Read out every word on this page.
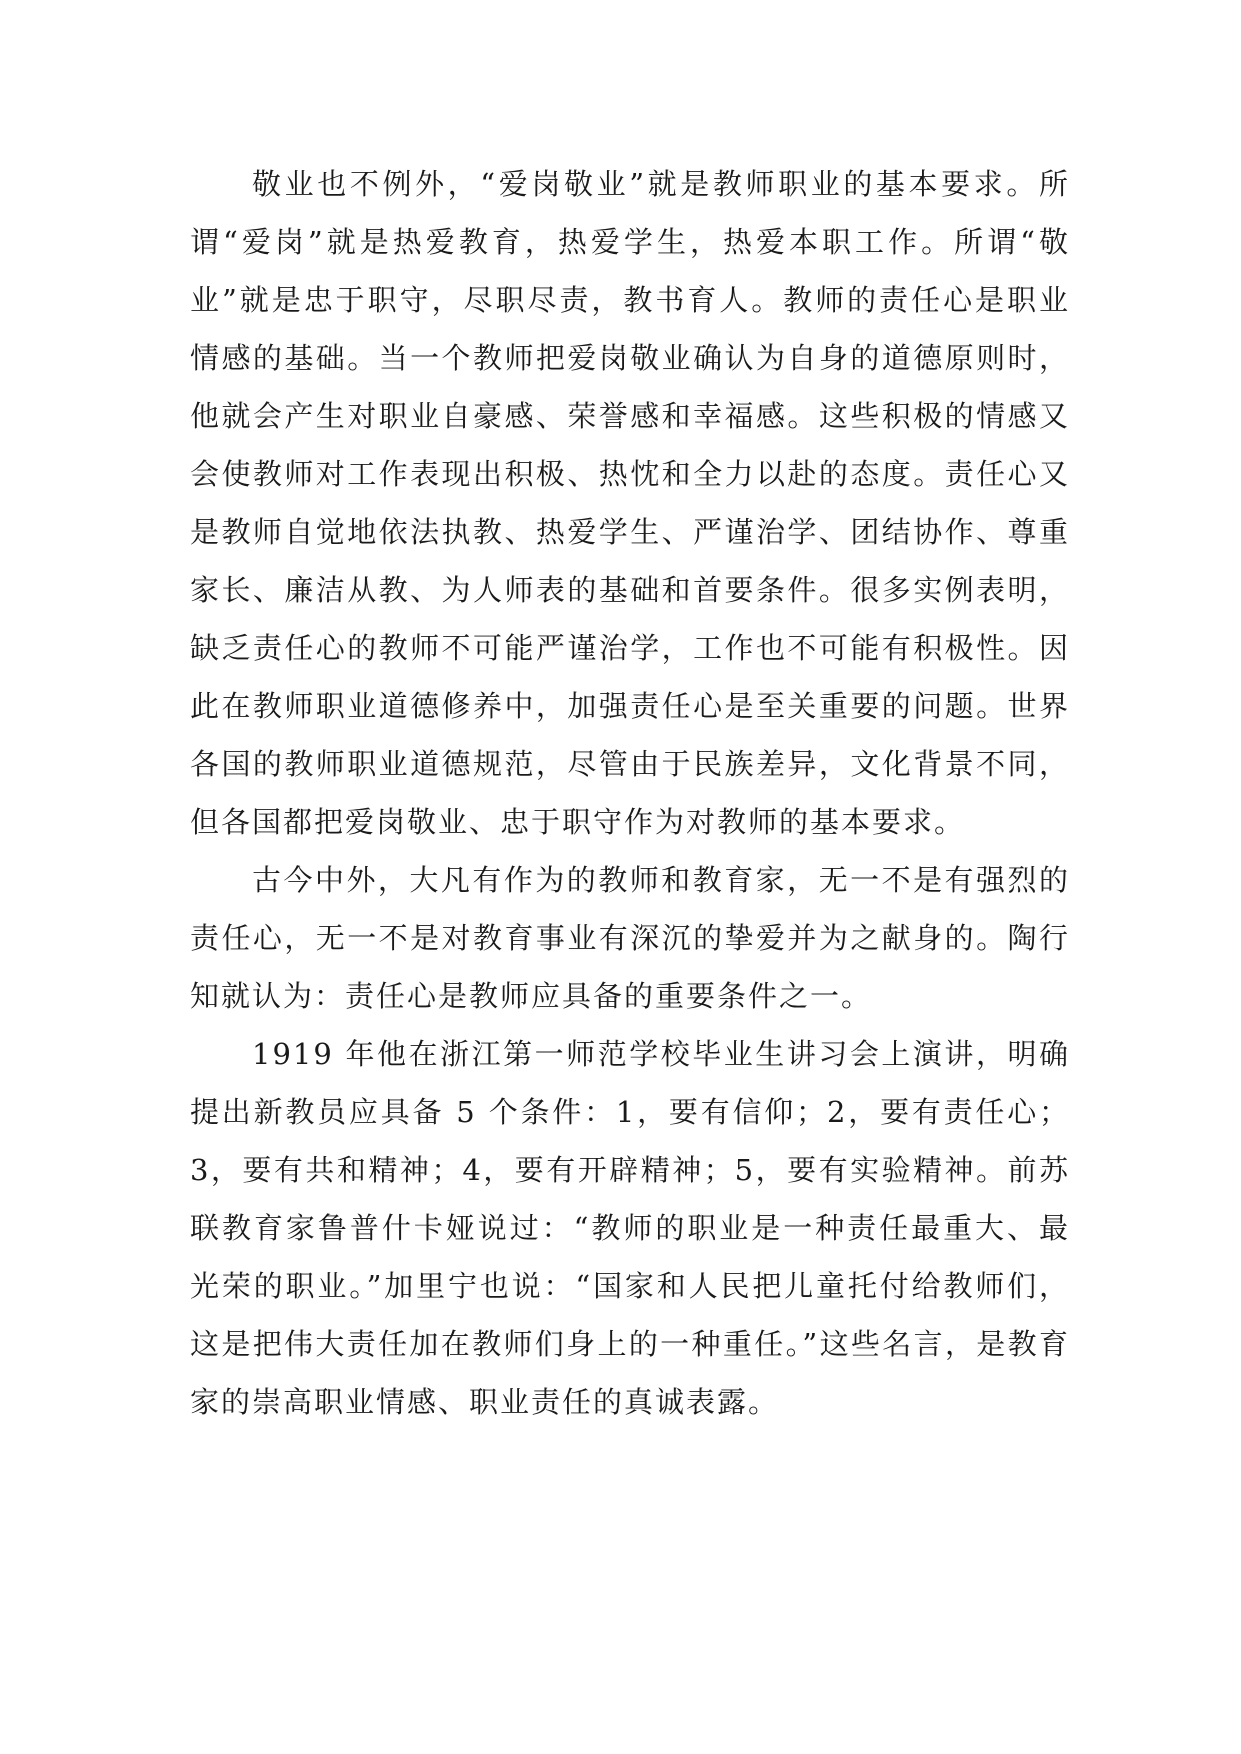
敬业也不例外，“爱岗敬业”就是教师职业的基本要求。所谓“爱岗”就是热爱教育，热爱学生，热爱本职工作。所谓“敬业”就是忠于职守，尽职尽责，教书育人。教师的责任心是职业情感的基础。当一个教师把爱岗敬业确认为自身的道德原则时，他就会产生对职业自豪感、荣誉感和幸福感。这些积极的情感又会使教师对工作表现出积极、热忱和全力以赴的态度。责任心又是教师自觉地依法执教、热爱学生、严谨治学、团结协作、尊重家长、廉洁从教、为人师表的基础和首要条件。很多实例表明，缺乏责任心的教师不可能严谨治学，工作也不可能有积极性。因此在教师职业道德修养中，加强责任心是至关重要的问题。世界各国的教师职业道德规范，尽管由于民族差异，文化背景不同，但各国都把爱岗敬业、忠于职守作为对教师的基本要求。

古今中外，大凡有作为的教师和教育家，无一不是有强烈的责任心，无一不是对教育事业有深沉的挚爱并为之献身的。陶行知就认为：责任心是教师应具备的重要条件之一。

1919 年他在浙江第一师范学校毕业生讲习会上演讲，明确提出新教员应具备 5 个条件：1，要有信仰；2，要有责任心；3，要有共和精神；4，要有开辟精神；5，要有实验精神。前苏联教育家鲁普什卡娅说过：“教师的职业是一种责任最重大、最光荣的职业。”加里宁也说：“国家和人民把儿童托付给教师们，这是把伟大责任加在教师们身上的一种重任。”这些名言，是教育家的崇高职业情感、职业责任的真诚表露。
